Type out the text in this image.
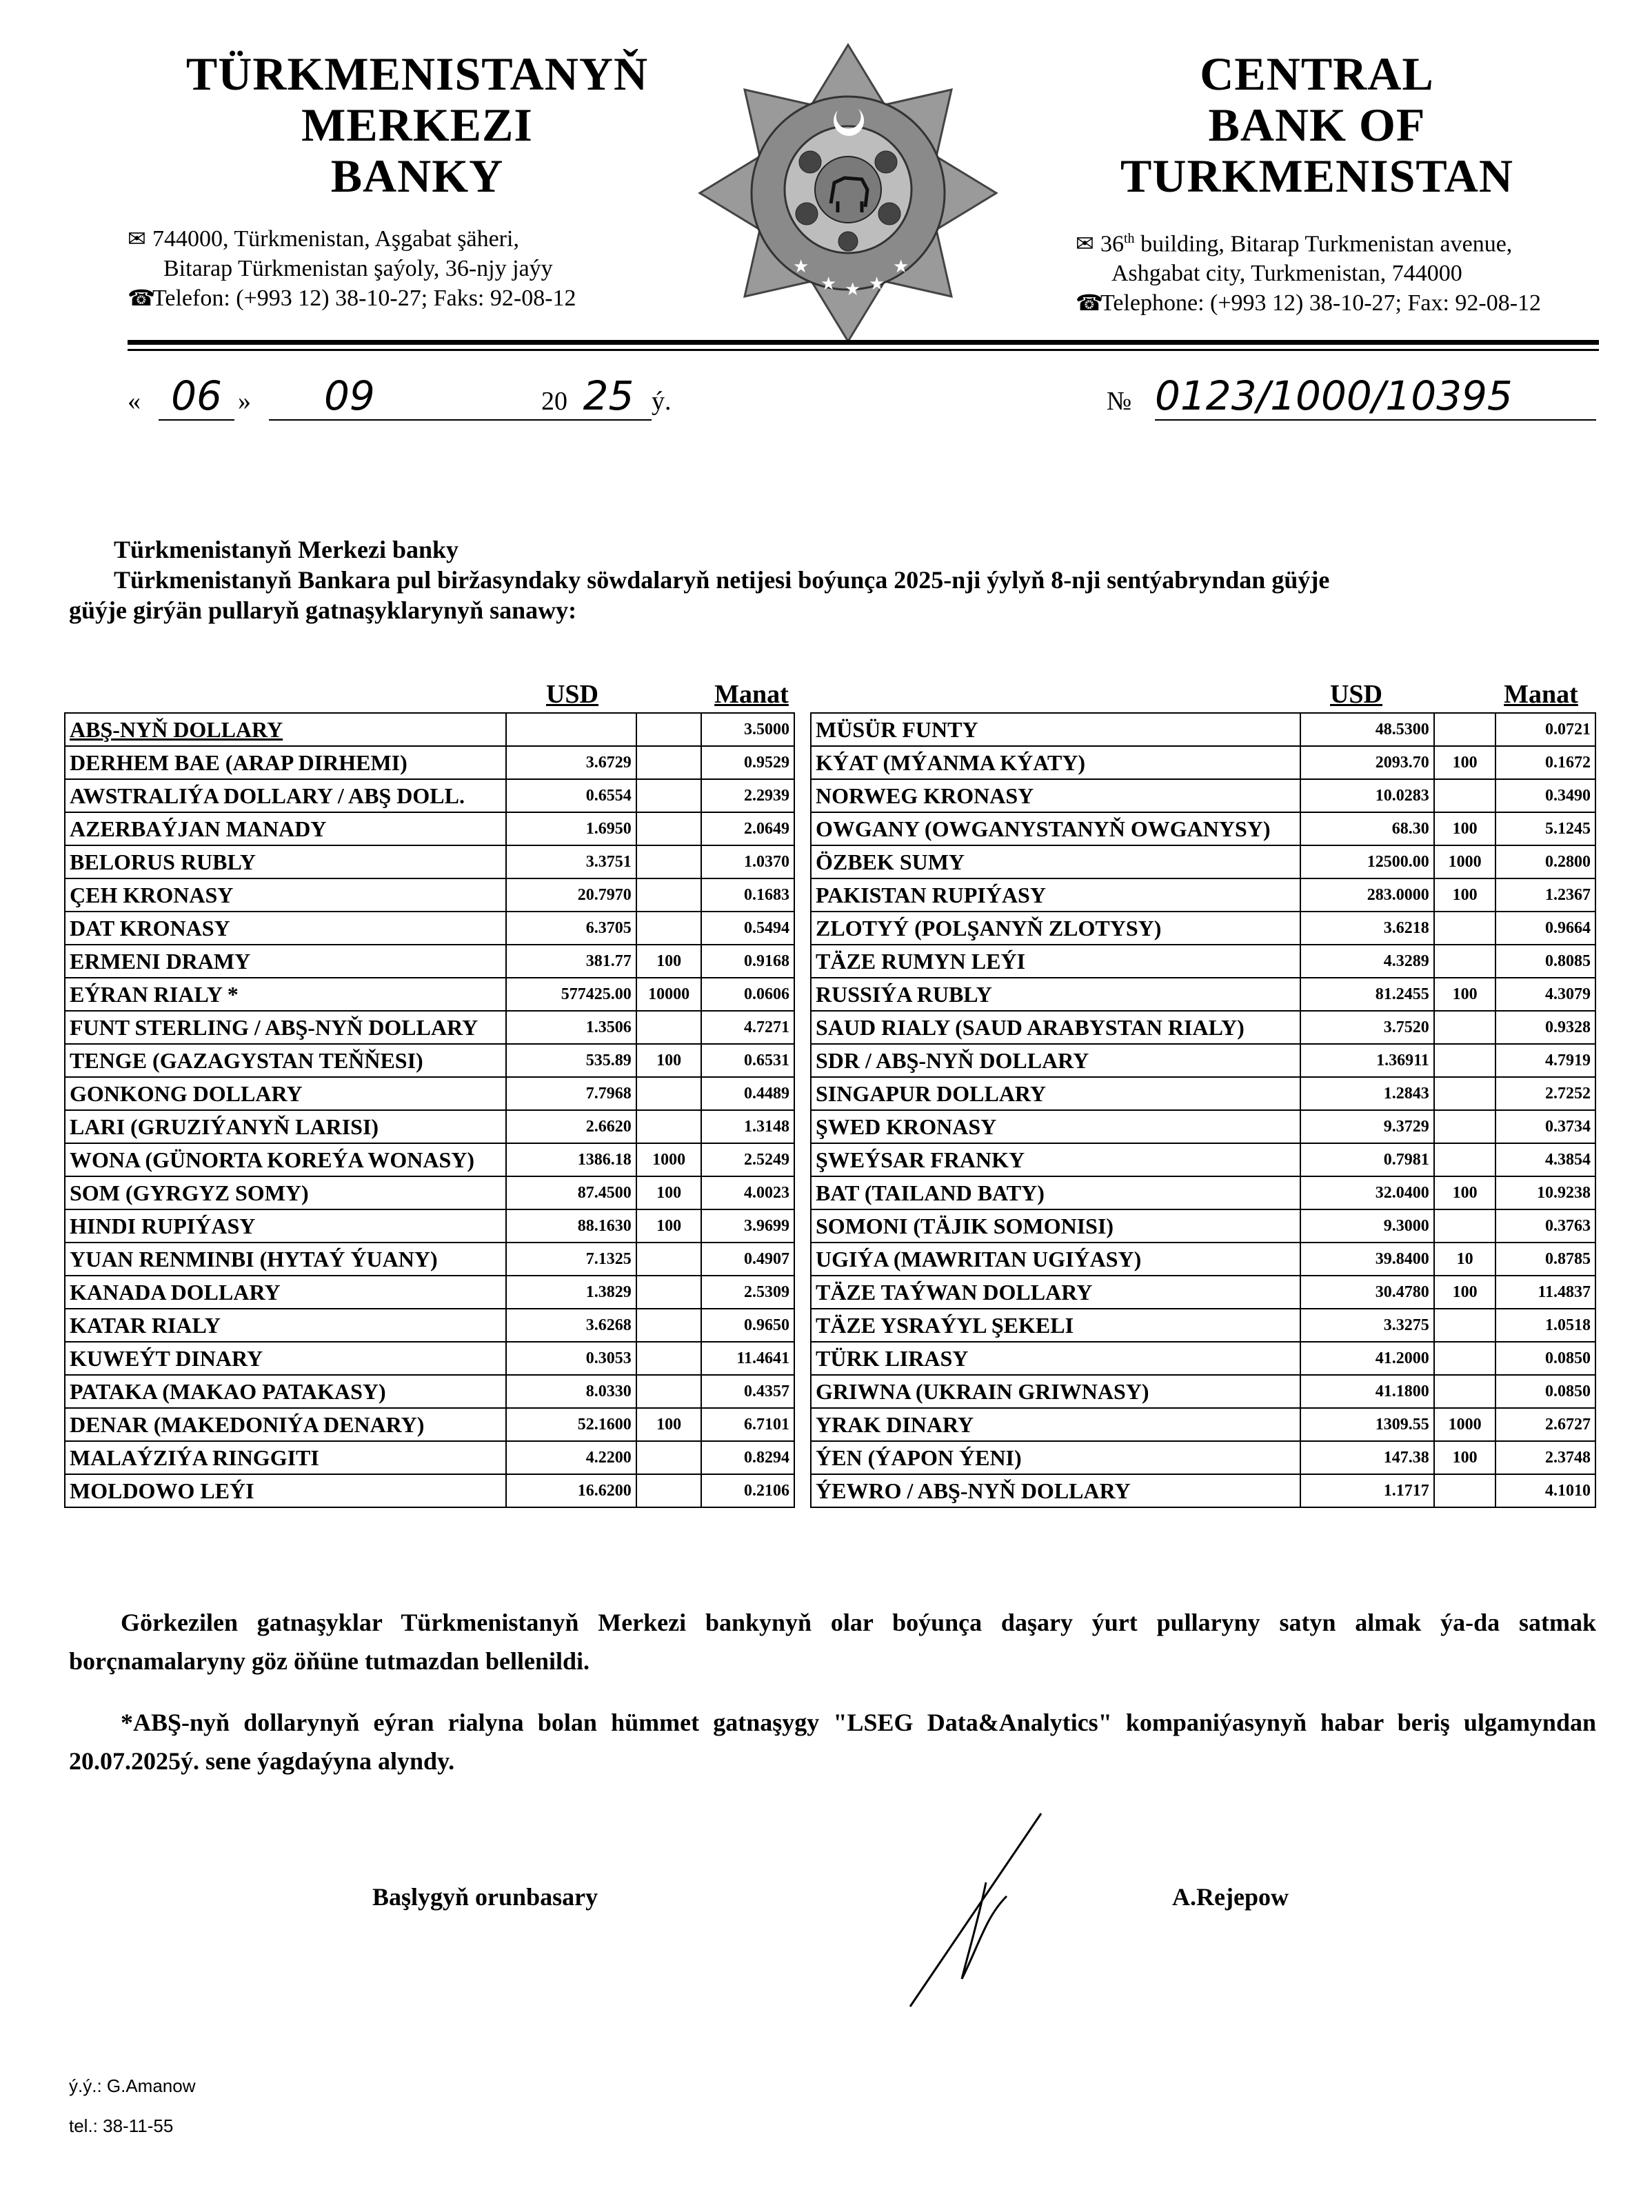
TÜRKMENISTANYŇ
MERKEZI
BANKY
✉ 744000, Türkmenistan, Aşgabat şäheri,
Bitarap Türkmenistan şaýoly, 36-njy jaýy
☎Telefon: (+993 12) 38-10-27; Faks: 92-08-12
★
★ ★ ★
★
CENTRAL
BANK OF
TURKMENISTAN
✉ 36th building, Bitarap Turkmenistan avenue,
Ashgabat city, Turkmenistan, 744000
☎Telephone: (+993 12) 38-10-27; Fax: 92-08-12
« 06 »	09	20 25 ý.	№ 0123/1000/10395
Türkmenistanyň Merkezi banky
Türkmenistanyň Bankara pul biržasyndaky söwdalaryň netijesi boýunça 2025-nji ýylyň 8-nji sentýabryndan güýje
güýje girýän pullaryň gatnaşyklarynyň sanawy:
USD	Manat	USD	Manat
ABŞ-NYŇ DOLLARY			3.5000
DERHEM BAE (ARAP DIRHEMI)	3.6729		0.9529
AWSTRALIÝA DOLLARY / ABŞ DOLL.	0.6554		2.2939
AZERBAÝJAN MANADY	1.6950		2.0649
BELORUS RUBLY	3.3751		1.0370
ÇEH KRONASY	20.7970		0.1683
DAT KRONASY	6.3705		0.5494
ERMENI DRAMY	381.77	100	0.9168
EÝRAN RIALY *	577425.00	10000	0.0606
FUNT STERLING / ABŞ-NYŇ DOLLARY	1.3506		4.7271
TENGE (GAZAGYSTAN TEŇŇESI)	535.89	100	0.6531
GONKONG DOLLARY	7.7968		0.4489
LARI (GRUZIÝANYŇ LARISI)	2.6620		1.3148
WONA (GÜNORTA KOREÝA WONASY)	1386.18	1000	2.5249
SOM (GYRGYZ SOMY)	87.4500	100	4.0023
HINDI RUPIÝASY	88.1630	100	3.9699
YUAN RENMINBI (HYTAÝ ÝUANY)	7.1325		0.4907
KANADA DOLLARY	1.3829		2.5309
KATAR RIALY	3.6268		0.9650
KUWEÝT DINARY	0.3053		11.4641
PATAKA (MAKAO PATAKASY)	8.0330		0.4357
DENAR (MAKEDONIÝA DENARY)	52.1600	100	6.7101
MALAÝZIÝA RINGGITI	4.2200		0.8294
MOLDOWO LEÝI	16.6200		0.2106
MÜSÜR FUNTY	48.5300		0.0721
KÝAT (MÝANMA KÝATY)	2093.70	100	0.1672
NORWEG KRONASY	10.0283		0.3490
OWGANY (OWGANYSTANYŇ OWGANYSY)	68.30	100	5.1245
ÖZBEK SUMY	12500.00	1000	0.2800
PAKISTAN RUPIÝASY	283.0000	100	1.2367
ZLOTYÝ (POLŞANYŇ ZLOTYSY)	3.6218		0.9664
TÄZE RUMYN LEÝI	4.3289		0.8085
RUSSIÝA RUBLY	81.2455	100	4.3079
SAUD RIALY (SAUD ARABYSTAN RIALY)	3.7520		0.9328
SDR / ABŞ-NYŇ DOLLARY	1.36911		4.7919
SINGAPUR DOLLARY	1.2843		2.7252
ŞWED KRONASY	9.3729		0.3734
ŞWEÝSAR FRANKY	0.7981		4.3854
BAT (TAILAND BATY)	32.0400	100	10.9238
SOMONI (TÄJIK SOMONISI)	9.3000		0.3763
UGIÝA (MAWRITAN UGIÝASY)	39.8400	10	0.8785
TÄZE TAÝWAN DOLLARY	30.4780	100	11.4837
TÄZE YSRAÝYL ŞEKELI	3.3275		1.0518
TÜRK LIRASY	41.2000		0.0850
GRIWNA (UKRAIN GRIWNASY)	41.1800		0.0850
YRAK DINARY	1309.55	1000	2.6727
ÝEN (ÝAPON ÝENI)	147.38	100	2.3748
ÝEWRO / ABŞ-NYŇ DOLLARY	1.1717		4.1010
Görkezilen gatnaşyklar Türkmenistanyň Merkezi bankynyň olar boýunça daşary ýurt pullaryny satyn almak ýa-da satmak borçnamalaryny göz öňüne tutmazdan bellenildi.
*ABŞ-nyň dollarynyň eýran rialyna bolan hümmet gatnaşygy "LSEG Data&Analytics" kompaniýasynyň habar beriş ulgamyndan 20.07.2025ý. sene ýagdaýyna alyndy.
Başlygyň orunbasary	A.Rejepow
ý.ý.: G.Amanow
tel.: 38-11-55
